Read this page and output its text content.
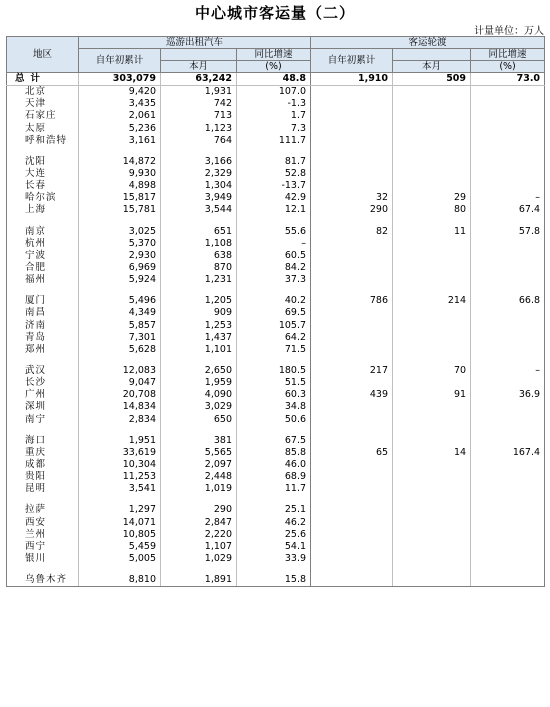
中心城市客运量（二）
计量单位：万人
地区	巡游出租汽车			客运轮渡		
	自年初累计		同比增速	自年初累计		同比增速
		本月	(%)		本月	(%)
总计	303,079	63,242	48.8	1,910	509	73.0
北京	9,420	1,931	107.0			
天津	3,435	742	-1.3			
石家庄	2,061	713	1.7			
太原	5,236	1,123	7.3			
呼和浩特	3,161	764	111.7			

沈阳	14,872	3,166	81.7			
大连	9,930	2,329	52.8			
长春	4,898	1,304	-13.7			
哈尔滨	15,817	3,949	42.9	32	29	–
上海	15,781	3,544	12.1	290	80	67.4

南京	3,025	651	55.6	82	11	57.8
杭州	5,370	1,108	–			
宁波	2,930	638	60.5			
合肥	6,969	870	84.2			
福州	5,924	1,231	37.3			

厦门	5,496	1,205	40.2	786	214	66.8
南昌	4,349	909	69.5			
济南	5,857	1,253	105.7			
青岛	7,301	1,437	64.2			
郑州	5,628	1,101	71.5			

武汉	12,083	2,650	180.5	217	70	–
长沙	9,047	1,959	51.5			
广州	20,708	4,090	60.3	439	91	36.9
深圳	14,834	3,029	34.8			
南宁	2,834	650	50.6			

海口	1,951	381	67.5			
重庆	33,619	5,565	85.8	65	14	167.4
成都	10,304	2,097	46.0			
贵阳	11,253	2,448	68.9			
昆明	3,541	1,019	11.7			

拉萨	1,297	290	25.1			
西安	14,071	2,847	46.2			
兰州	10,805	2,220	25.6			
西宁	5,459	1,107	54.1			
银川	5,005	1,029	33.9			

乌鲁木齐	8,810	1,891	15.8			
